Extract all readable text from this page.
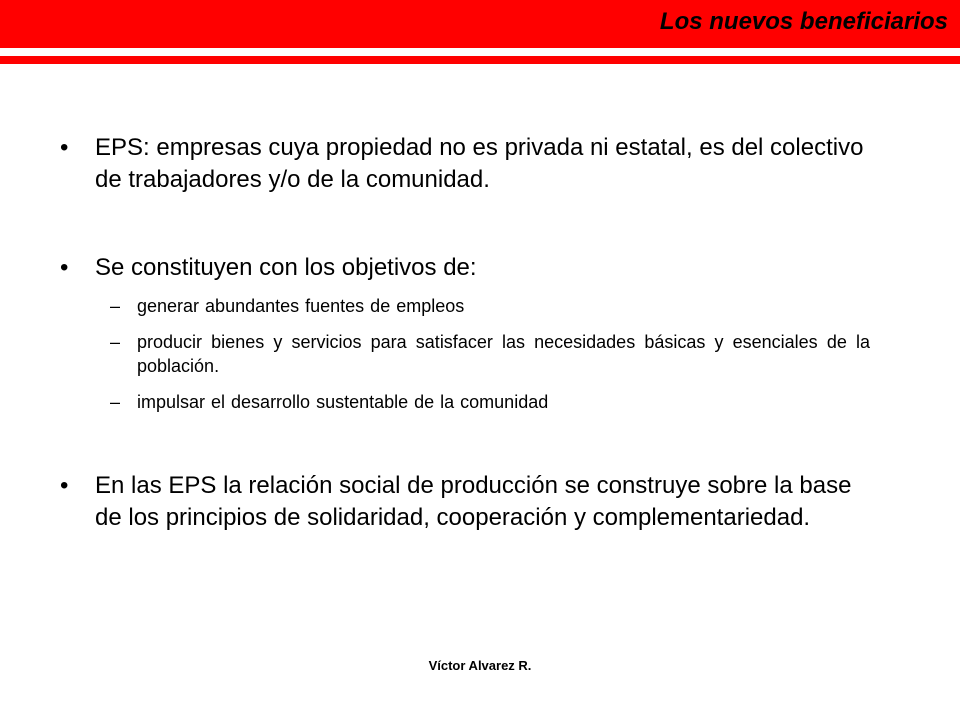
Los nuevos beneficiarios
• EPS: empresas cuya propiedad no es privada ni estatal, es del colectivo de trabajadores y/o de la comunidad.
• Se constituyen con los objetivos de:
– generar abundantes fuentes de empleos
– producir bienes y servicios para satisfacer las necesidades básicas y esenciales de la población.
– impulsar el desarrollo sustentable de la comunidad
• En las EPS la relación social de producción se construye sobre la base de los principios de solidaridad, cooperación y complementariedad.
Víctor Alvarez R.
